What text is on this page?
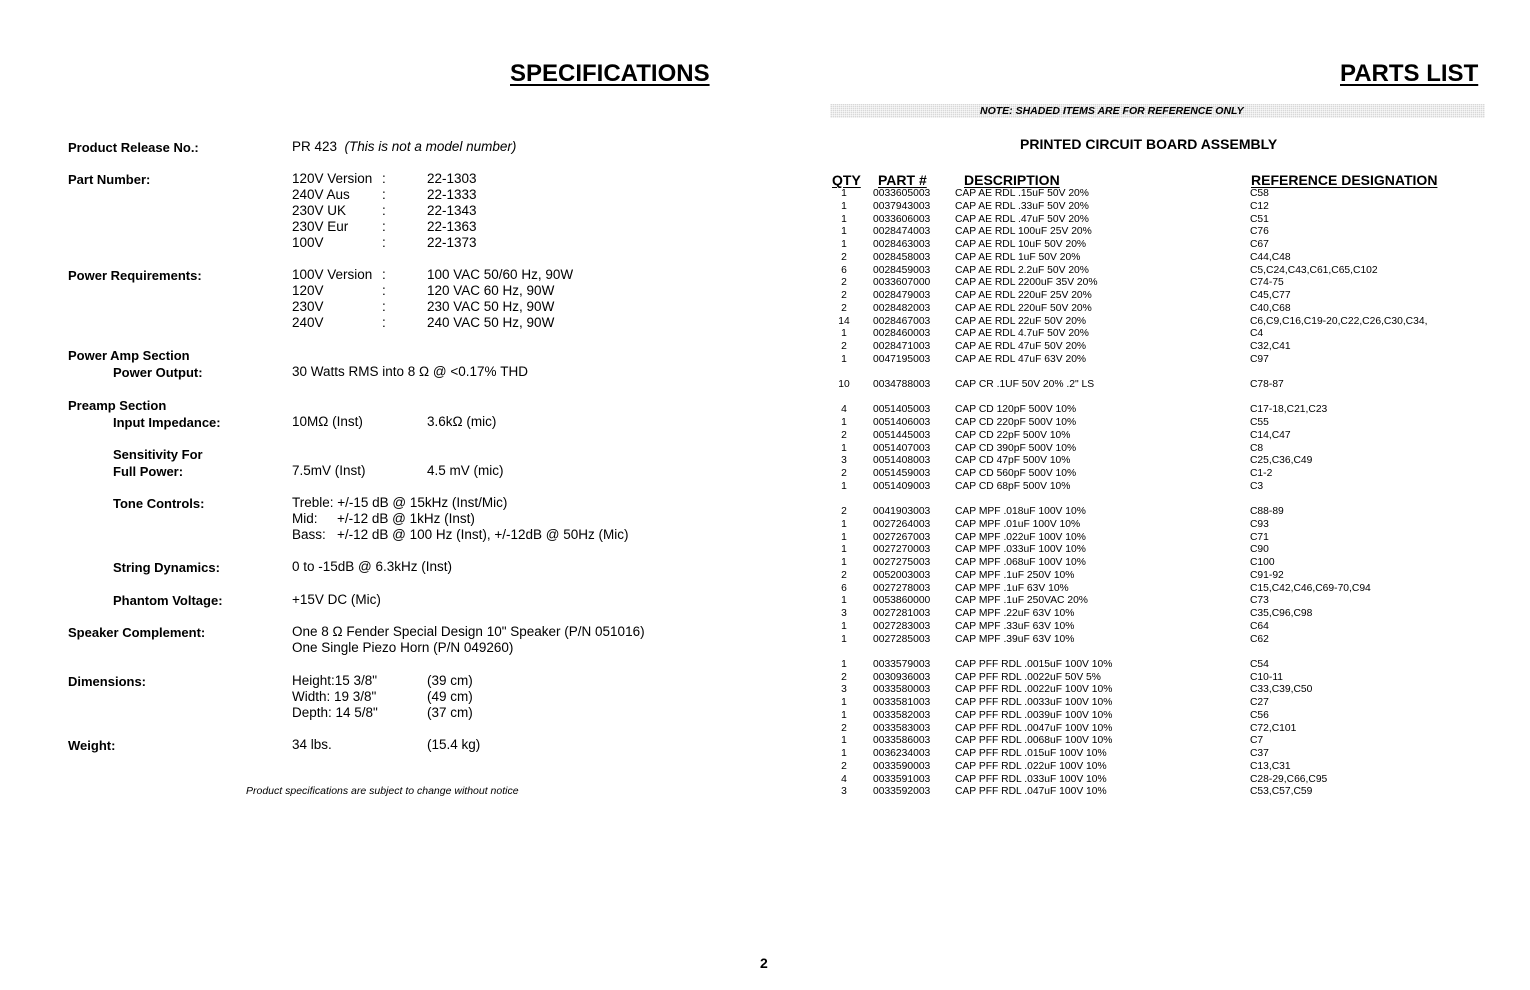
SPECIFICATIONS
Product Release No.:	PR 423 (This is not a model number)
Part Number:	120V Version :	22-1303
240V Aus :	22-1333
230V UK	:	22-1343
230V Eur :	22-1363
100V	:	22-1373
Power Requirements:	100V Version :	100 VAC 50/60 Hz, 90W
120V	:	120 VAC 60 Hz, 90W
230V	:	230 VAC 50 Hz, 90W
240V	:	240 VAC 50 Hz, 90W
Power Amp Section
Power Output:	30 Watts RMS into 8 Ω @ <0.17% THD
Preamp Section
Input Impedance:	10MΩ (Inst)	3.6kΩ (mic)
Sensitivity For
Full Power:	7.5mV (Inst)	4.5 mV (mic)
Tone Controls:	Treble: +/-15 dB @ 15kHz (Inst/Mic)
Mid: +/-12 dB @ 1kHz (Inst)
Bass: +/-12 dB @ 100 Hz (Inst), +/-12dB @ 50Hz (Mic)
String Dynamics:	0 to -15dB @ 6.3kHz (Inst)
Phantom Voltage:	+15V DC (Mic)
Speaker Complement:	One 8 Ω Fender Special Design 10" Speaker (P/N 051016)
One Single Piezo Horn (P/N 049260)
Dimensions:	Height:15 3/8"	(39 cm)
Width: 19 3/8"	(49 cm)
Depth: 14 5/8"	(37 cm)
Weight:	34 lbs.	(15.4 kg)
Product specifications are subject to change without notice
PARTS LIST
NOTE: SHADED ITEMS ARE FOR REFERENCE ONLY
PRINTED CIRCUIT BOARD ASSEMBLY
QTY PART #	DESCRIPTION	REFERENCE DESIGNATION
1	0033605003 CAP AE RDL .15uF 50V 20%	C58
1	0037943003 CAP AE RDL .33uF 50V 20%	C12
1	0033606003 CAP AE RDL .47uF 50V 20%	C51
1	0028474003 CAP AE RDL 100uF 25V 20%	C76
1	0028463003 CAP AE RDL 10uF 50V 20%	C67
2	0028458003 CAP AE RDL 1uF 50V 20%	C44,C48
6	0028459003 CAP AE RDL 2.2uF 50V 20%	C5,C24,C43,C61,C65,C102
2	0033607000 CAP AE RDL 2200uF 35V 20%	C74-75
2	0028479003 CAP AE RDL 220uF 25V 20%	C45,C77
2	0028482003 CAP AE RDL 220uF 50V 20%	C40,C68
14	0028467003 CAP AE RDL 22uF 50V 20%	C6,C9,C16,C19-20,C22,C26,C30,C34,
1	0028460003 CAP AE RDL 4.7uF 50V 20%	C4
2	0028471003 CAP AE RDL 47uF 50V 20%	C32,C41
1	0047195003 CAP AE RDL 47uF 63V 20%	C97
10	0034788003 CAP CR .1UF 50V 20% .2" LS	C78-87
4	0051405003 CAP CD 120pF 500V 10%	C17-18,C21,C23
1	0051406003 CAP CD 220pF 500V 10%	C55
2	0051445003 CAP CD 22pF 500V 10%	C14,C47
1	0051407003 CAP CD 390pF 500V 10%	C8
3	0051408003 CAP CD 47pF 500V 10%	C25,C36,C49
2	0051459003 CAP CD 560pF 500V 10%	C1-2
1	0051409003 CAP CD 68pF 500V 10%	C3
2	0041903003 CAP MPF .018uF 100V 10%	C88-89
1	0027264003 CAP MPF .01uF 100V 10%	C93
1	0027267003 CAP MPF .022uF 100V 10%	C71
1	0027270003 CAP MPF .033uF 100V 10%	C90
1	0027275003 CAP MPF .068uF 100V 10%	C100
2	0052003003 CAP MPF .1uF 250V 10%	C91-92
6	0027278003 CAP MPF .1uF 63V 10%	C15,C42,C46,C69-70,C94
1	0053860000 CAP MPF .1uF 250VAC 20%	C73
3	0027281003 CAP MPF .22uF 63V 10%	C35,C96,C98
1	0027283003 CAP MPF .33uF 63V 10%	C64
1	0027285003 CAP MPF .39uF 63V 10%	C62
1	0033579003 CAP PFF RDL .0015uF 100V 10%	C54
2	0030936003 CAP PFF RDL .0022uF 50V 5%	C10-11
3	0033580003 CAP PFF RDL .0022uF 100V 10%	C33,C39,C50
1	0033581003 CAP PFF RDL .0033uF 100V 10%	C27
1	0033582003 CAP PFF RDL .0039uF 100V 10%	C56
2	0033583003 CAP PFF RDL .0047uF 100V 10%	C72,C101
1	0033586003 CAP PFF RDL .0068uF 100V 10%	C7
1	0036234003 CAP PFF RDL .015uF 100V 10%	C37
2	0033590003 CAP PFF RDL .022uF 100V 10%	C13,C31
4	0033591003 CAP PFF RDL .033uF 100V 10%	C28-29,C66,C95
3	0033592003 CAP PFF RDL .047uF 100V 10%	C53,C57,C59
2
